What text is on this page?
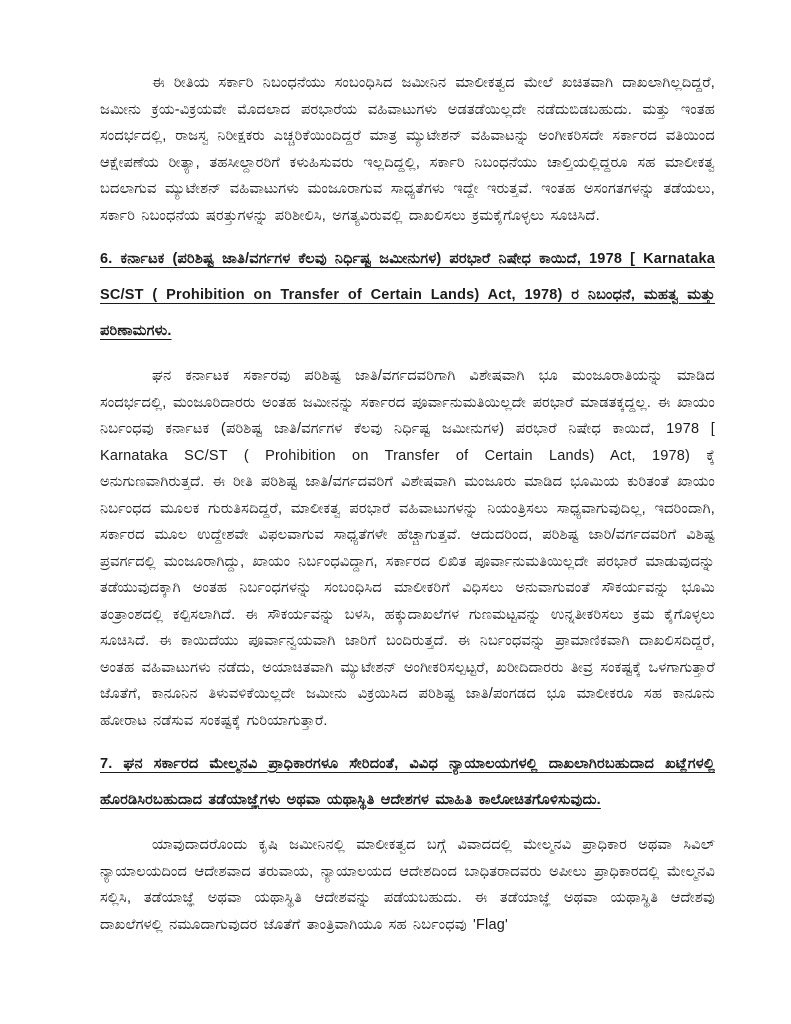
ಈ ರೀತಿಯ ಸರ್ಕಾರಿ ನಿಬಂಧನೆಯು ಸಂಬಂಧಿಸಿದ ಜಮೀನಿನ ಮಾಲೀಕತ್ವದ ಮೇಲೆ ಖಚಿತವಾಗಿ ದಾಖಲಾಗಿಲ್ಲದಿದ್ದರೆ, ಜಮೀನು ಕ್ರಯ-ವಿಕ್ರಯವೇ ಮೊದಲಾದ ಪರಭಾರೆಯ ವಹಿವಾಟುಗಳು ಅಡತಡೆಯಿಲ್ಲದೇ ನಡೆದುಬಿಡಬಹುದು. ಮತ್ತು ಇಂತಹ ಸಂದರ್ಭದಲ್ಲಿ, ರಾಜಸ್ವ ನಿರೀಕ್ಷಕರು ಎಚ್ಚರಿಕೆಯಿಂದಿದ್ದರೆ ಮಾತ್ರ ಮ್ಯುಟೇಶನ್ ವಹಿವಾಟನ್ನು ಅಂಗೀಕರಿಸದೇ ಸರ್ಕಾರದ ವತಿಯಿಂದ ಆಕ್ಷೇಪಣೆಯ ರೀತ್ಯಾ, ತಹಸೀಲ್ದಾರರಿಗೆ ಕಳುಹಿಸುವರು ಇಲ್ಲದಿದ್ದಲ್ಲಿ, ಸರ್ಕಾರಿ ನಿಬಂಧನೆಯು ಚಾಲ್ತಿಯಲ್ಲಿದ್ದರೂ ಸಹ ಮಾಲೀಕತ್ವ ಬದಲಾಗುವ ಮ್ಯುಟೇಶನ್ ವಹಿವಾಟುಗಳು ಮಂಜೂರಾಗುವ ಸಾಧ್ಯತೆಗಳು ಇದ್ದೇ ಇರುತ್ತವೆ. ಇಂತಹ ಅಸಂಗತಗಳನ್ನು ತಡೆಯಲು, ಸರ್ಕಾರಿ ನಿಬಂಧನೆಯ ಷರತ್ತುಗಳನ್ನು ಪರಿಶೀಲಿಸಿ, ಅಗತ್ಯವಿರುವಲ್ಲಿ ದಾಖಲಿಸಲು ಕ್ರಮಕೈಗೊಳ್ಳಲು ಸೂಚಿಸಿದೆ.

6. ಕರ್ನಾಟಕ (ಪರಿಶಿಷ್ಟ ಜಾತಿ/ವರ್ಗಗಳ ಕೆಲವು ನಿರ್ಧಿಷ್ಟ ಜಮೀನುಗಳ) ಪರಭಾರೆ ನಿಷೇಧ ಕಾಯಿದೆ, 1978 [ Karnataka SC/ST ( Prohibition on Transfer of Certain Lands) Act, 1978) ರ ನಿಬಂಧನೆ, ಮಹತ್ವ ಮತ್ತು ಪರಿಣಾಮಗಳು.

ಘನ ಕರ್ನಾಟಕ ಸರ್ಕಾರವು ಪರಿಶಿಷ್ಟ ಜಾತಿ/ವರ್ಗದವರಿಗಾಗಿ ವಿಶೇಷವಾಗಿ ಭೂ ಮಂಜೂರಾತಿಯನ್ನು ಮಾಡಿದ ಸಂದರ್ಭದಲ್ಲಿ, ಮಂಜೂರಿದಾರರು ಅಂತಹ ಜಮೀನನ್ನು ಸರ್ಕಾರದ ಪೂರ್ವಾನುಮತಿಯಿಲ್ಲದೇ ಪರಭಾರೆ ಮಾಡತಕ್ಕದ್ದಲ್ಲ. ಈ ಖಾಯಂ ನಿರ್ಬಂಧವು ಕರ್ನಾಟಕ (ಪರಿಶಿಷ್ಟ ಜಾತಿ/ವರ್ಗಗಳ ಕೆಲವು ನಿರ್ಧಿಷ್ಟ ಜಮೀನುಗಳ) ಪರಭಾರೆ ನಿಷೇಧ ಕಾಯಿದೆ, 1978 [ Karnataka SC/ST ( Prohibition on Transfer of Certain Lands) Act, 1978) ಕ್ಕೆ ಅನುಗುಣವಾಗಿರುತ್ತದೆ. ಈ ರೀತಿ ಪರಿಶಿಷ್ಟ ಜಾತಿ/ವರ್ಗದವರಿಗೆ ವಿಶೇಷವಾಗಿ ಮಂಜೂರು ಮಾಡಿದ ಭೂಮಿಯ ಕುರಿತಂತೆ ಖಾಯಂ ನಿರ್ಬಂಧದ ಮೂಲಕ ಗುರುತಿಸದಿದ್ದರೆ, ಮಾಲೀಕತ್ವ ಪರಭಾರೆ ವಹಿವಾಟುಗಳನ್ನು ನಿಯಂತ್ರಿಸಲು ಸಾಧ್ಯವಾಗುವುದಿಲ್ಲ, ಇದರಿಂದಾಗಿ, ಸರ್ಕಾರದ ಮೂಲ ಉದ್ದೇಶವೇ ವಿಫಲವಾಗುವ ಸಾಧ್ಯತೆಗಳೇ ಹೆಚ್ಚಾಗುತ್ತವೆ. ಆದುದರಿಂದ, ಪರಿಶಿಷ್ಟ ಜಾರಿ/ವರ್ಗದವರಿಗೆ ವಿಶಿಷ್ಟ ಪ್ರವರ್ಗದಲ್ಲಿ ಮಂಜೂರಾಗಿದ್ದು, ಖಾಯಂ ನಿರ್ಬಂಧವಿದ್ದಾಗ, ಸರ್ಕಾರದ ಲಿಖಿತ ಪೂರ್ವಾನುಮತಿಯಿಲ್ಲದೇ ಪರಭಾರೆ ಮಾಡುವುದನ್ನು ತಡೆಯುವುದಕ್ಕಾಗಿ ಅಂತಹ ನಿರ್ಬಂಧಗಳನ್ನು ಸಂಬಂಧಿಸಿದ ಮಾಲೀಕರಿಗೆ ವಿಧಿಸಲು ಅನುವಾಗುವಂತೆ ಸೌಕರ್ಯವನ್ನು ಭೂಮಿ ತಂತ್ರಾಂಶದಲ್ಲಿ ಕಲ್ಪಿಸಲಾಗಿದೆ. ಈ ಸೌಕರ್ಯವನ್ನು ಬಳಸಿ, ಹಕ್ಕುದಾಖಲೆಗಳ ಗುಣಮಟ್ಟವನ್ನು ಉನ್ನತೀಕರಿಸಲು ಕ್ರಮ ಕೈಗೊಳ್ಳಲು ಸೂಚಿಸಿದೆ. ಈ ಕಾಯಿದೆಯು ಪೂರ್ವಾನ್ವಯವಾಗಿ ಜಾರಿಗೆ ಬಂದಿರುತ್ತದೆ. ಈ ನಿರ್ಬಂಧವನ್ನು ಪ್ರಾಮಾಣಿಕವಾಗಿ ದಾಖಲಿಸದಿದ್ದರೆ, ಅಂತಹ ವಹಿವಾಟುಗಳು ನಡೆದು, ಅಯಾಚಿತವಾಗಿ ಮ್ಯುಟೇಶನ್ ಅಂಗೀಕರಿಸಲ್ಪಟ್ಟರೆ, ಖರೀದಿದಾರರು ತೀವ್ರ ಸಂಕಷ್ಟಕ್ಕೆ ಒಳಗಾಗುತ್ತಾರೆ ಜೊತೆಗೆ, ಕಾನೂನಿನ ತಿಳುವಳಿಕೆಯಿಲ್ಲದೇ ಜಮೀನು ವಿಕ್ರಯಿಸಿದ ಪರಿಶಿಷ್ಟ ಜಾತಿ/ಪಂಗಡದ ಭೂ ಮಾಲೀಕರೂ ಸಹ ಕಾನೂನು ಹೋರಾಟ ನಡೆಸುವ ಸಂಕಷ್ಟಕ್ಕೆ ಗುರಿಯಾಗುತ್ತಾರೆ.

7. ಘನ ಸರ್ಕಾರದ ಮೇಲ್ಮನವಿ ಪ್ರಾಧಿಕಾರಗಳೂ ಸೇರಿದಂತೆ, ವಿವಿಧ ನ್ಯಾಯಾಲಯಗಳಲ್ಲಿ ದಾಖಲಾಗಿರಬಹುದಾದ ಖಟ್ಲೆಗಳಲ್ಲಿ ಹೊರಡಿಸಿರಬಹುದಾದ ತಡೆಯಾಜ್ಞೆಗಳು ಅಥವಾ ಯಥಾಸ್ಥಿತಿ ಆದೇಶಗಳ ಮಾಹಿತಿ ಕಾಲೋಚಿತಗೊಳಿಸುವುದು.

ಯಾವುದಾದರೊಂದು ಕೃಷಿ ಜಮೀನಿನಲ್ಲಿ ಮಾಲೀಕತ್ವದ ಬಗ್ಗೆ ವಿವಾದದಲ್ಲಿ ಮೇಲ್ಮನವಿ ಪ್ರಾಧಿಕಾರ ಅಥವಾ ಸಿವಿಲ್ ನ್ಯಾಯಾಲಯದಿಂದ ಆದೇಶವಾದ ತರುವಾಯ, ನ್ಯಾಯಾಲಯದ ಆದೇಶದಿಂದ ಬಾಧಿತರಾದವರು ಅಪೀಲು ಪ್ರಾಧಿಕಾರದಲ್ಲಿ ಮೇಲ್ಮನವಿ ಸಲ್ಲಿಸಿ, ತಡೆಯಾಜ್ಞೆ ಅಥವಾ ಯಥಾಸ್ಥಿತಿ ಆದೇಶವನ್ನು ಪಡೆಯಬಹುದು. ಈ ತಡೆಯಾಜ್ಞೆ ಅಥವಾ ಯಥಾಸ್ಥಿತಿ ಆದೇಶವು ದಾಖಲೆಗಳಲ್ಲಿ ನಮೂದಾಗುವುದರ ಜೊತೆಗೆ ತಾಂತ್ರಿವಾಗಿಯೂ ಸಹ ನಿರ್ಬಂಧವು 'Flag'
